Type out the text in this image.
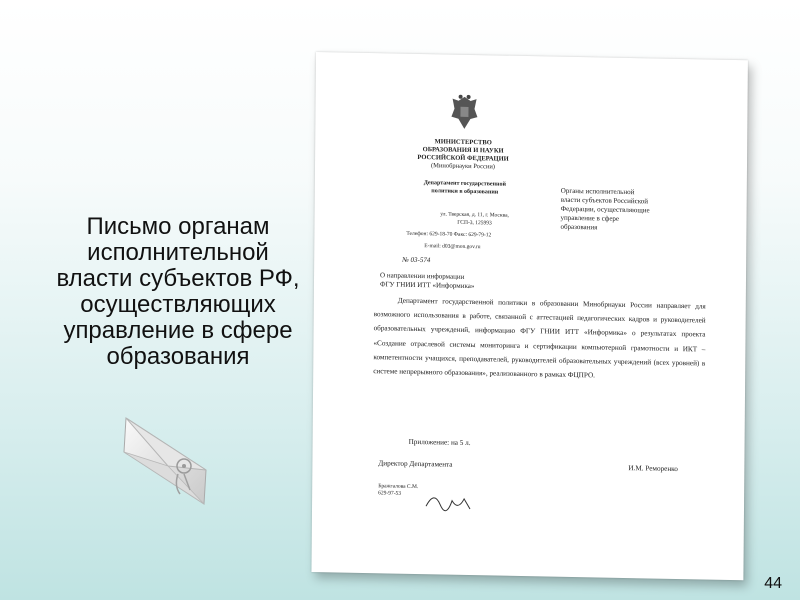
Письмо органам
исполнительной
власти субъектов РФ,
осуществляющих
управление в сфере
образования
МИНИСТЕРСТВО
ОБРАЗОВАНИЯ И НАУКИ
РОССИЙСКОЙ ФЕДЕРАЦИИ
(Минобрнауки России)
Департамент государственной
политики в образовании
ул. Тверская, д. 11, г. Москва,
ГСП-3, 125993
Телефон: 629-18-70 Факс: 629-79-12
E-mail: d03@mon.gov.ru
№ 03-574
Органы исполнительной
власти субъектов Российской
Федерации, осуществляющие
управление в сфере
образования
О направлении информации
ФГУ ГНИИ ИТТ «Информика»

Департамент государственной политики в образовании Минобрнауки России направляет для возможного использования в работе, связанной с аттестацией педагогических кадров и руководителей образовательных учреждений, информацию ФГУ ГНИИ ИТТ «Информика» о результатах проекта «Создание отраслевой системы мониторинга и сертификации компьютерной грамотности и ИКТ – компетентности учащихся, преподавателей, руководителей образовательных учреждений (всех уровней) в системе непрерывного образования», реализованного в рамках ФЦПРО.

Приложение: на 5 л.
Директор Департамента	И.М. Реморенко
Бражгалова С.М.
629-97-53
44
